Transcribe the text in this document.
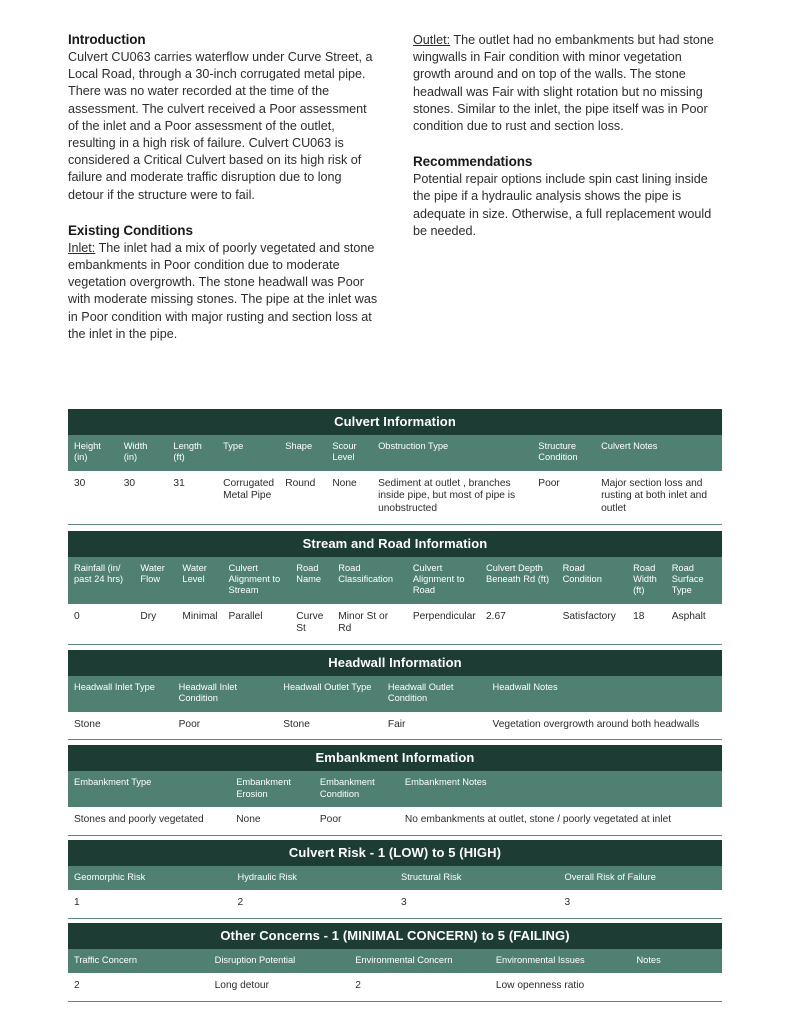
Introduction

Culvert CU063 carries waterflow under Curve Street, a Local Road, through a 30-inch corrugated metal pipe. There was no water recorded at the time of the assessment. The culvert received a Poor assessment of the inlet and a Poor assessment of the outlet, resulting in a high risk of failure. Culvert CU063 is considered a Critical Culvert based on its high risk of failure and moderate traffic disruption due to long detour if the structure were to fail.

Existing Conditions

Inlet: The inlet had a mix of poorly vegetated and stone embankments in Poor condition due to moderate vegetation overgrowth. The stone headwall was Poor with moderate missing stones. The pipe at the inlet was in Poor condition with major rusting and section loss at the inlet in the pipe.

Outlet: The outlet had no embankments but had stone wingwalls in Fair condition with minor vegetation growth around and on top of the walls. The stone headwall was Fair with slight rotation but no missing stones. Similar to the inlet, the pipe itself was in Poor condition due to rust and section loss.

Recommendations

Potential repair options include spin cast lining inside the pipe if a hydraulic analysis shows the pipe is adequate in size. Otherwise, a full replacement would be needed.

Culvert Information
Height (in)	Width (in)	Length (ft)	Type	Shape	Scour Level	Obstruction Type	Structure Condition	Culvert Notes
30	30	31	Corrugated Metal Pipe	Round	None	Sediment at outlet , branches inside pipe, but most of pipe is unobstructed	Poor	Major section loss and rusting at both inlet and outlet
Stream and Road Information
Rainfall (in/ past 24 hrs)	Water Flow	Water Level	Culvert Alignment to Stream	Road Name	Road Classification	Culvert Alignment to Road	Culvert Depth Beneath Rd (ft)	Road Condition	Road Width (ft)	Road Surface Type
0	Dry	Minimal	Parallel	Curve St	Minor St or Rd	Perpendicular	2.67	Satisfactory	18	Asphalt
Headwall Information
Headwall Inlet Type	Headwall Inlet Condition	Headwall Outlet Type	Headwall Outlet Condition	Headwall Notes
Stone	Poor	Stone	Fair	Vegetation overgrowth around both headwalls
Embankment Information
Embankment Type	Embankment Erosion	Embankment Condition	Embankment Notes
Stones and poorly vegetated	None	Poor	No embankments at outlet, stone / poorly vegetated at inlet
Culvert Risk - 1 (LOW) to 5 (HIGH)
Geomorphic Risk	Hydraulic Risk	Structural Risk	Overall Risk of Failure
1	2	3	3
Other Concerns - 1 (MINIMAL CONCERN) to 5 (FAILING)
Traffic Concern	Disruption Potential	Environmental Concern	Environmental Issues	Notes
2	Long detour	2	Low openness ratio	
